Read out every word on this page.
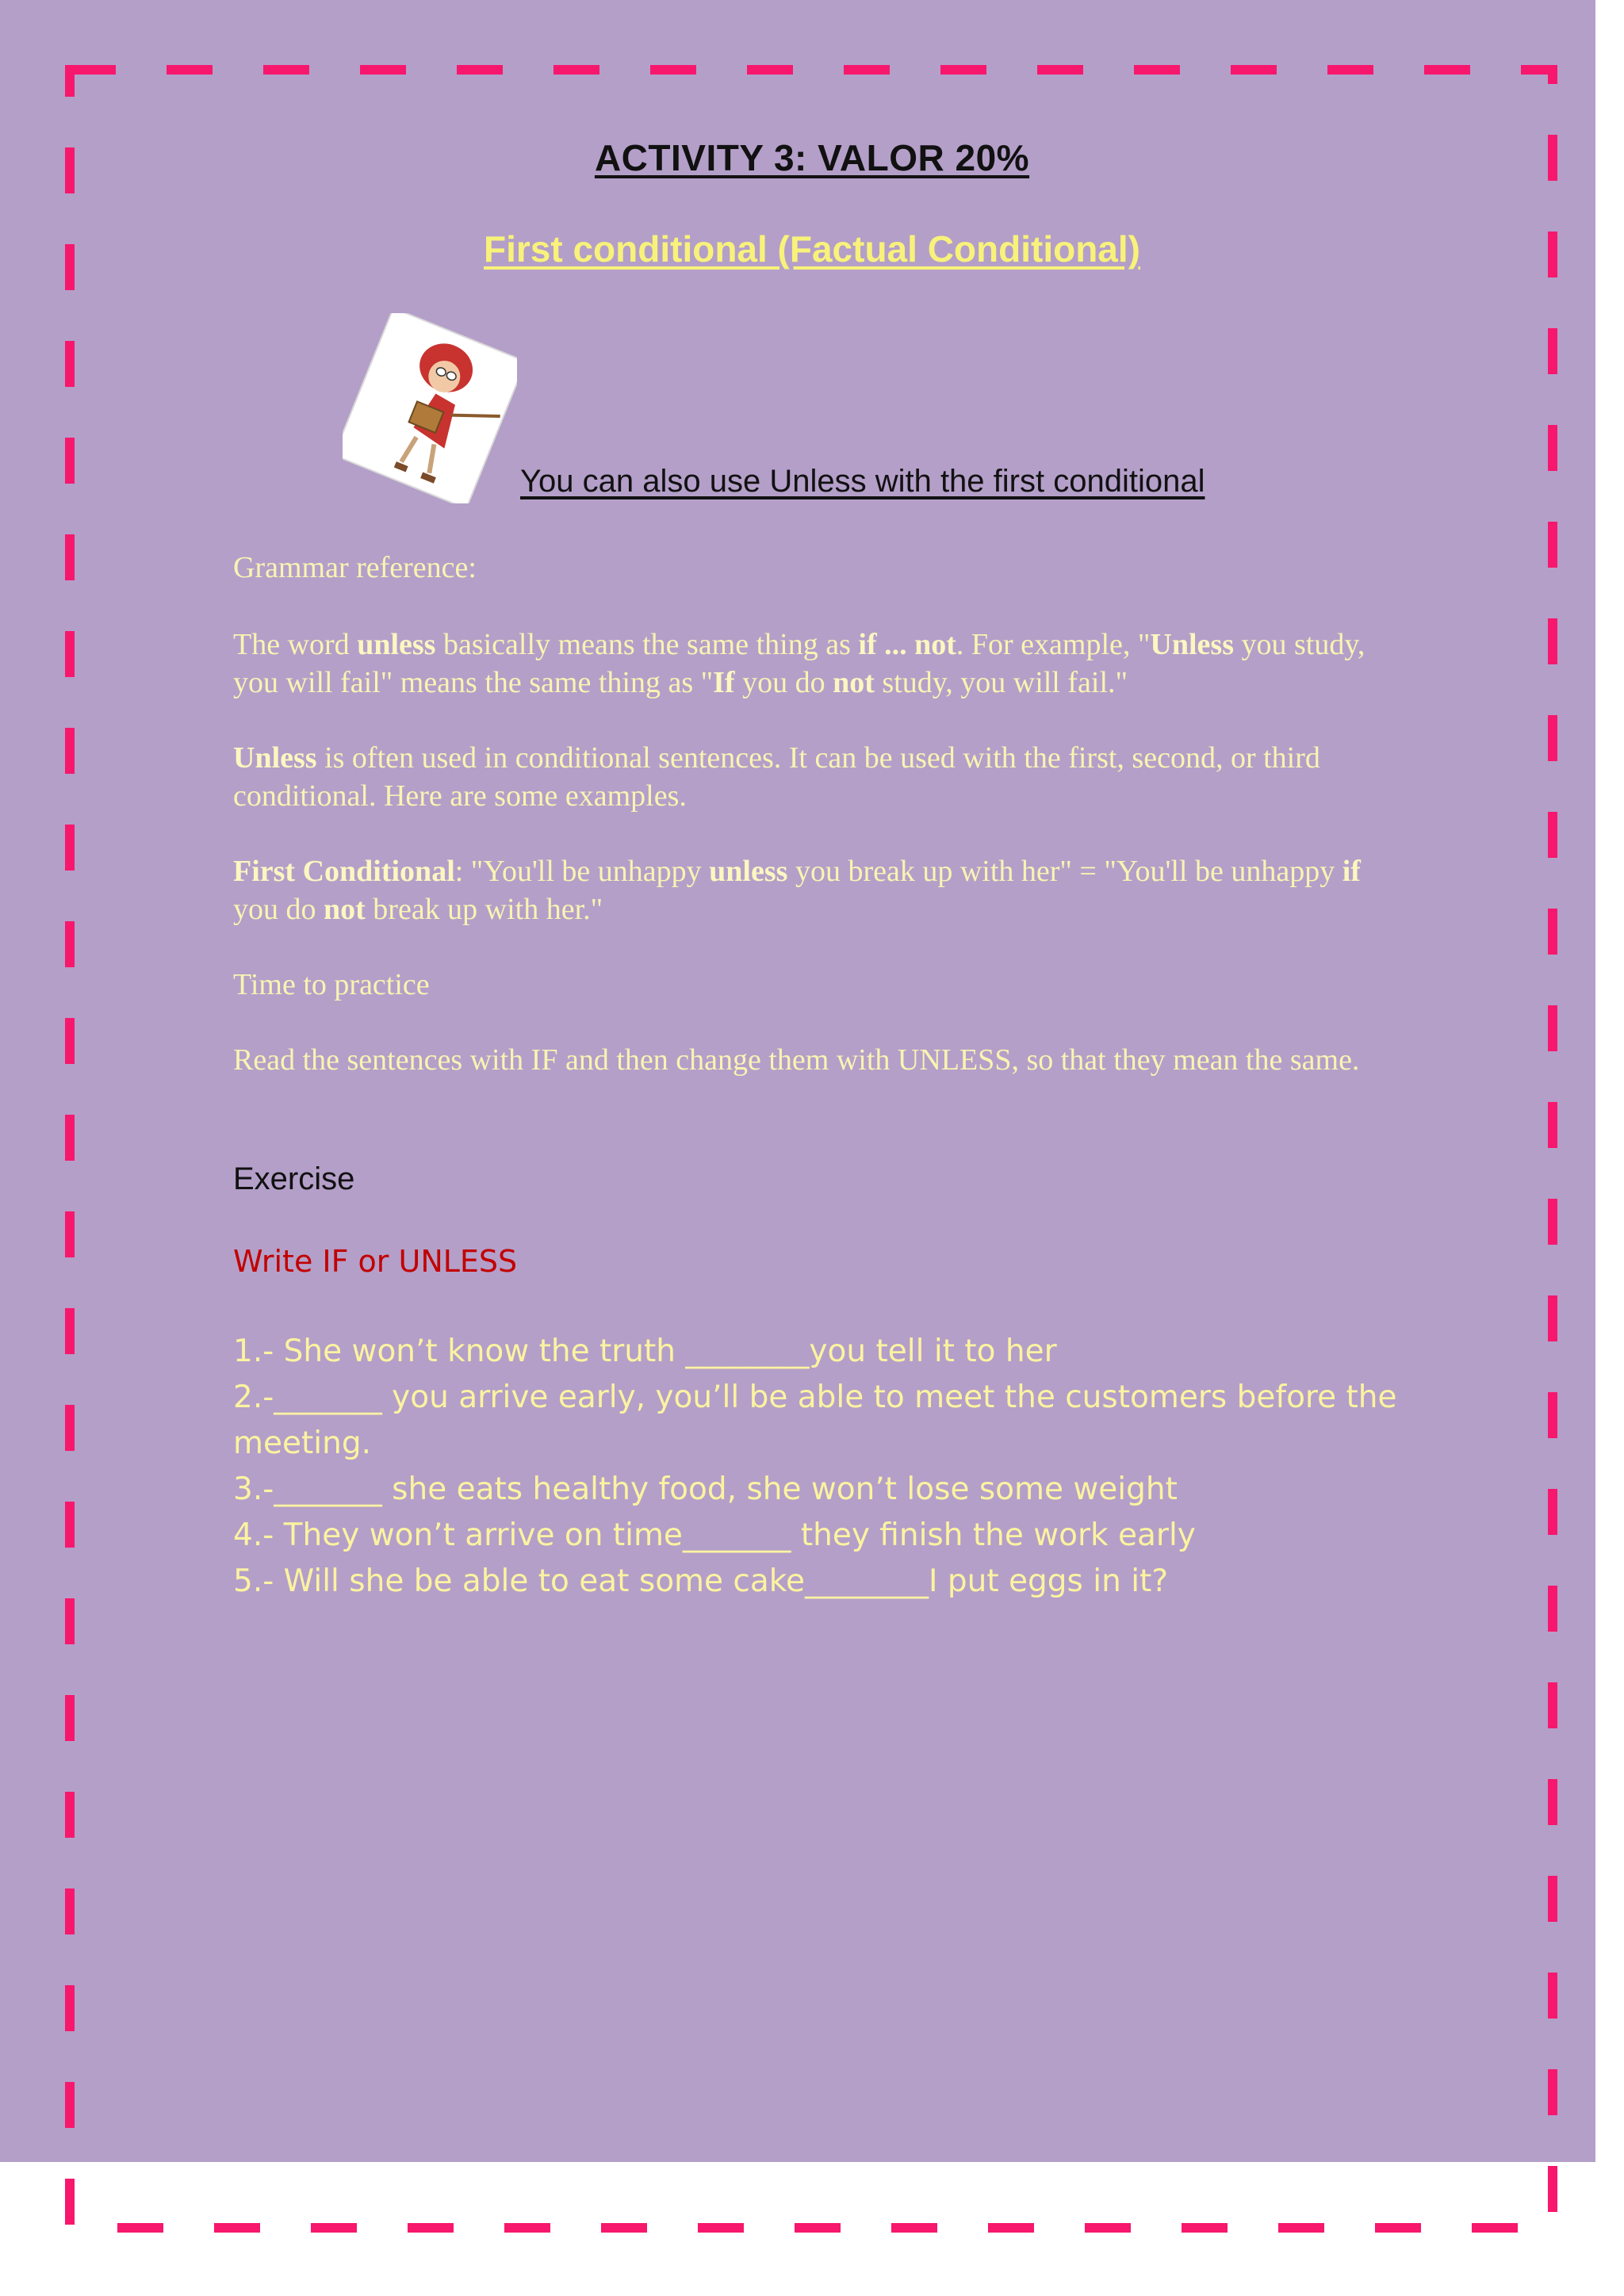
ACTIVITY 3: VALOR 20%
First conditional (Factual Conditional)

You can also use Unless with the first conditional

Grammar reference:

The word unless basically means the same thing as if ... not. For example, "Unless you study, you will fail" means the same thing as "If you do not study, you will fail."

Unless is often used in conditional sentences. It can be used with the first, second, or third conditional. Here are some examples.

First Conditional: "You'll be unhappy unless you break up with her" = "You'll be unhappy if you do not break up with her."

Time to practice

Read the sentences with IF and then change them with UNLESS, so that they mean the same.

Exercise

Write IF or UNLESS

1.- She won’t know the truth ________you tell it to her
2.-_______ you arrive early, you’ll be able to meet the customers before the meeting.
3.-_______ she eats healthy food, she won’t lose some weight
4.- They won’t arrive on time_______ they finish the work early
5.- Will she be able to eat some cake________I put eggs in it?
